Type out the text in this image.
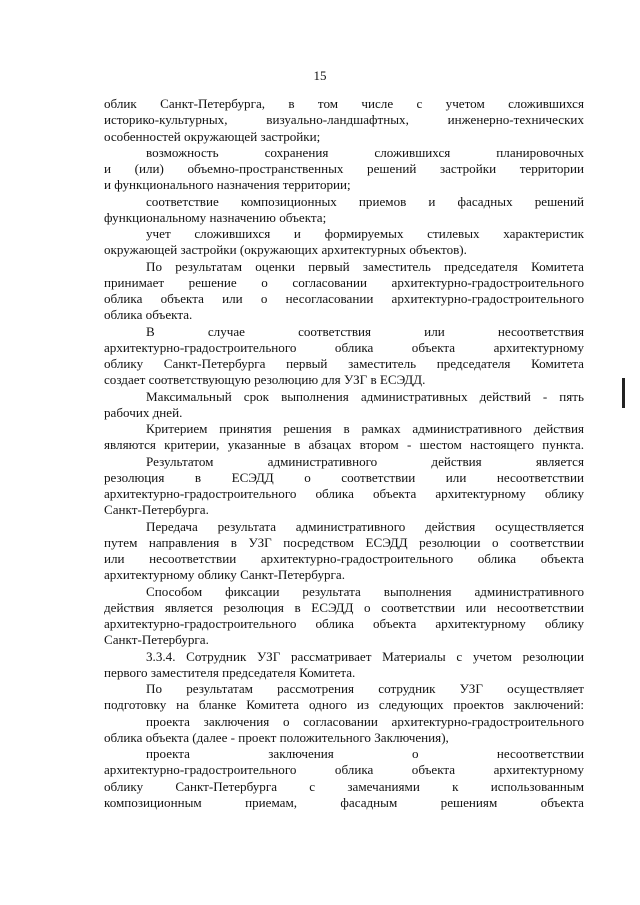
15
облик Санкт-Петербурга, в том числе с учетом сложившихся
историко-культурных, визуально-ландшафтных, инженерно-технических
особенностей окружающей застройки;
возможность сохранения сложившихся планировочных
и (или) объемно-пространственных решений застройки территории
и функционального назначения территории;
соответствие композиционных приемов и фасадных решений
функциональному назначению объекта;
учет сложившихся и формируемых стилевых характеристик
окружающей застройки (окружающих архитектурных объектов).
По результатам оценки первый заместитель председателя Комитета
принимает решение о согласовании архитектурно-градостроительного
облика объекта или о несогласовании архитектурно-градостроительного
облика объекта.
В случае соответствия или несоответствия
архитектурно-градостроительного облика объекта архитектурному
облику Санкт-Петербурга первый заместитель председателя Комитета
создает соответствующую резолюцию для УЗГ в ЕСЭДД.
Максимальный срок выполнения административных действий - пять
рабочих дней.
Критерием принятия решения в рамках административного действия
являются критерии, указанные в абзацах втором - шестом настоящего пункта.
Результатом административного действия является
резолюция в ЕСЭДД о соответствии или несоответствии
архитектурно-градостроительного облика объекта архитектурному облику
Санкт-Петербурга.
Передача результата административного действия осуществляется
путем направления в УЗГ посредством ЕСЭДД резолюции о соответствии
или несоответствии архитектурно-градостроительного облика объекта
архитектурному облику Санкт-Петербурга.
Способом фиксации результата выполнения административного
действия является резолюция в ЕСЭДД о соответствии или несоответствии
архитектурно-градостроительного облика объекта архитектурному облику
Санкт-Петербурга.
3.3.4. Сотрудник УЗГ рассматривает Материалы с учетом резолюции
первого заместителя председателя Комитета.
По результатам рассмотрения сотрудник УЗГ осуществляет
подготовку на бланке Комитета одного из следующих проектов заключений:
проекта заключения о согласовании архитектурно-градостроительного
облика объекта (далее - проект положительного Заключения),
проекта заключения о несоответствии
архитектурно-градостроительного облика объекта архитектурному
облику Санкт-Петербурга с замечаниями к использованным
композиционным приемам, фасадным решениям объекта
